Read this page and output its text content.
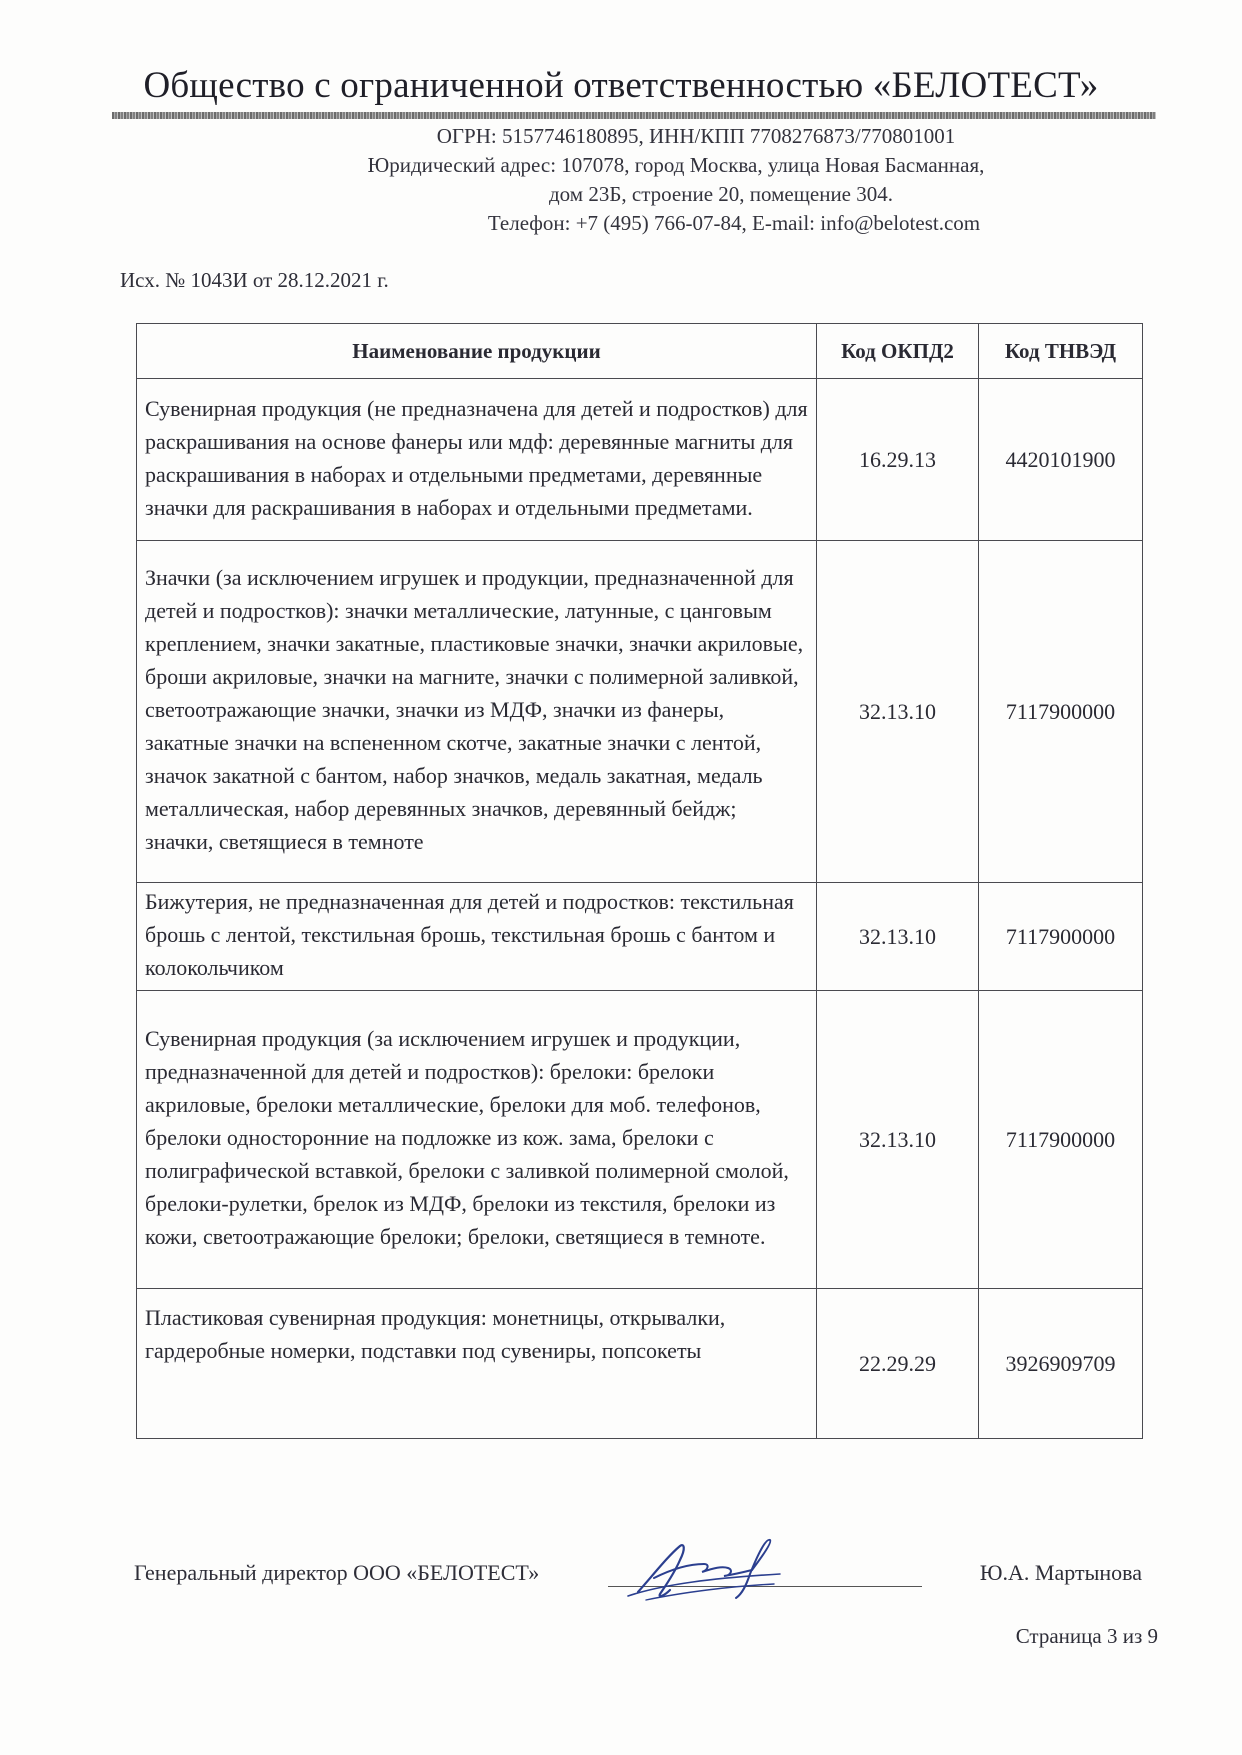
Общество с ограниченной ответственностью «БЕЛОТЕСТ»
ОГРН: 5157746180895, ИНН/КПП 7708276873/770801001
Юридический адрес: 107078, город Москва, улица Новая Басманная,
дом 23Б, строение 20, помещение 304.
Телефон: +7 (495) 766-07-84, E-mail: info@belotest.com
Исх. № 1043И от 28.12.2021 г.
Наименование продукции	Код ОКПД2	Код ТНВЭД
Сувенирная продукция (не предназначена для детей и подростков) для раскрашивания на основе фанеры или мдф: деревянные магниты для раскрашивания в наборах и отдельными предметами, деревянные значки для раскрашивания в наборах и отдельными предметами.	16.29.13	4420101900
Значки (за исключением игрушек и продукции, предназначенной для детей и подростков): значки металлические, латунные, с цанговым креплением, значки закатные, пластиковые значки, значки акриловые, броши акриловые, значки на магните, значки с полимерной заливкой, светоотражающие значки, значки из МДФ, значки из фанеры, закатные значки на вспененном скотче, закатные значки с лентой, значок закатной с бантом, набор значков, медаль закатная, медаль металлическая, набор деревянных значков, деревянный бейдж; значки, светящиеся в темноте	32.13.10	7117900000
Бижутерия, не предназначенная для детей и подростков: текстильная брошь с лентой, текстильная брошь, текстильная брошь с бантом и колокольчиком	32.13.10	7117900000
Сувенирная продукция (за исключением игрушек и продукции, предназначенной для детей и подростков): брелоки: брелоки акриловые, брелоки металлические, брелоки для моб. телефонов, брелоки односторонние на подложке из кож. зама, брелоки с полиграфической вставкой, брелоки с заливкой полимерной смолой, брелоки-рулетки, брелок из МДФ, брелоки из текстиля, брелоки из кожи, светоотражающие брелоки; брелоки, светящиеся в темноте.	32.13.10	7117900000
Пластиковая сувенирная продукция: монетницы, открывалки, гардеробные номерки, подставки под сувениры, попсокеты	22.29.29	3926909709
Генеральный директор ООО «БЕЛОТЕСТ»	Ю.А. Мартынова
Страница 3 из 9
